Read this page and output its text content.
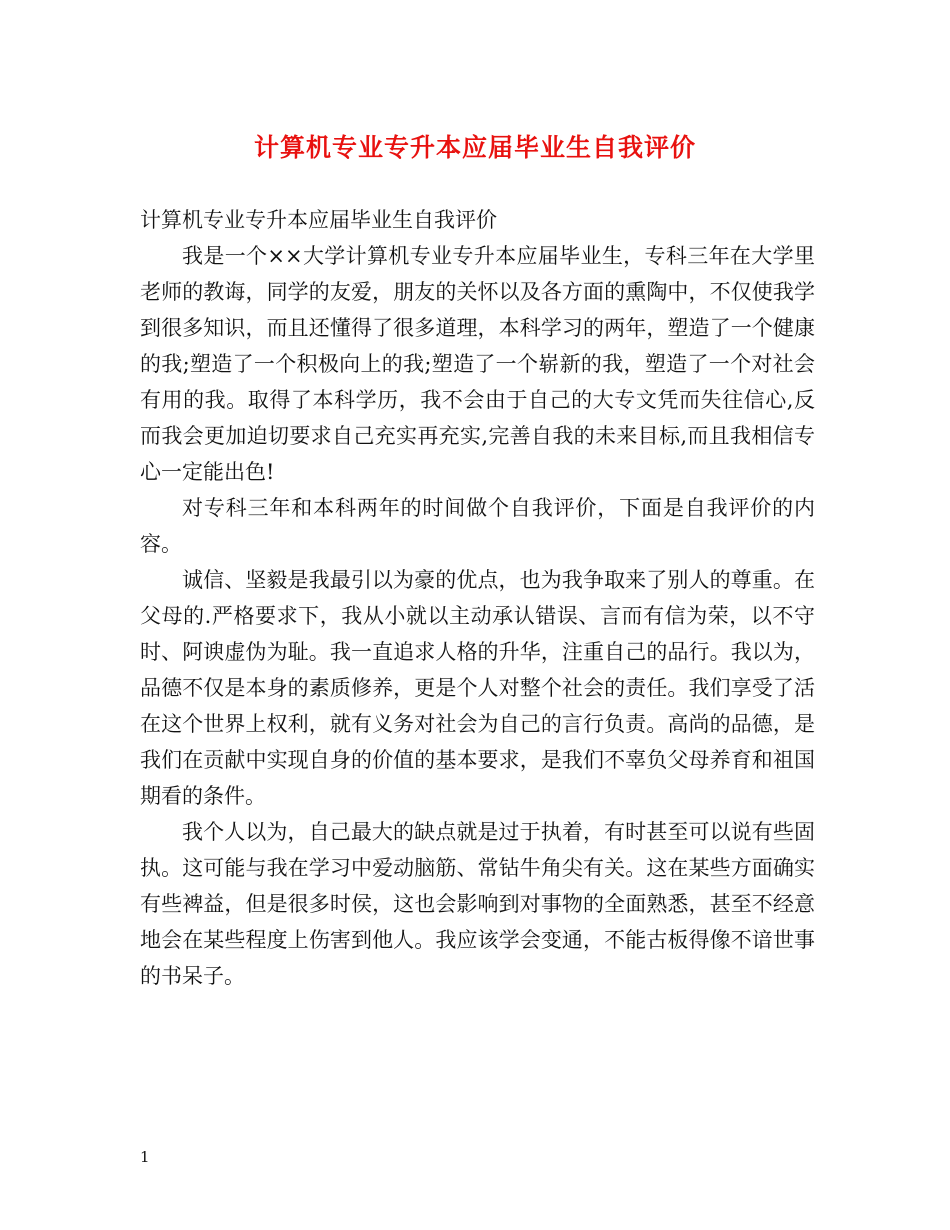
计算机专业专升本应届毕业生自我评价

计算机专业专升本应届毕业生自我评价

我是一个××大学计算机专业专升本应届毕业生，专科三年在大学里老师的教诲，同学的友爱，朋友的关怀以及各方面的熏陶中，不仅使我学到很多知识，而且还懂得了很多道理，本科学习的两年，塑造了一个健康的我;塑造了一个积极向上的我;塑造了一个崭新的我，塑造了一个对社会有用的我。取得了本科学历，我不会由于自己的大专文凭而失往信心,反而我会更加迫切要求自己充实再充实,完善自我的未来目标,而且我相信专心一定能出色!

对专科三年和本科两年的时间做个自我评价，下面是自我评价的内容。

诚信、坚毅是我最引以为豪的优点，也为我争取来了别人的尊重。在父母的.严格要求下，我从小就以主动承认错误、言而有信为荣，以不守时、阿谀虚伪为耻。我一直追求人格的升华，注重自己的品行。我以为，品德不仅是本身的素质修养，更是个人对整个社会的责任。我们享受了活在这个世界上权利，就有义务对社会为自己的言行负责。高尚的品德，是我们在贡献中实现自身的价值的基本要求，是我们不辜负父母养育和祖国期看的条件。

我个人以为，自己最大的缺点就是过于执着，有时甚至可以说有些固执。这可能与我在学习中爱动脑筋、常钻牛角尖有关。这在某些方面确实有些裨益，但是很多时侯，这也会影响到对事物的全面熟悉，甚至不经意地会在某些程度上伤害到他人。我应该学会变通，不能古板得像不谙世事的书呆子。

1
